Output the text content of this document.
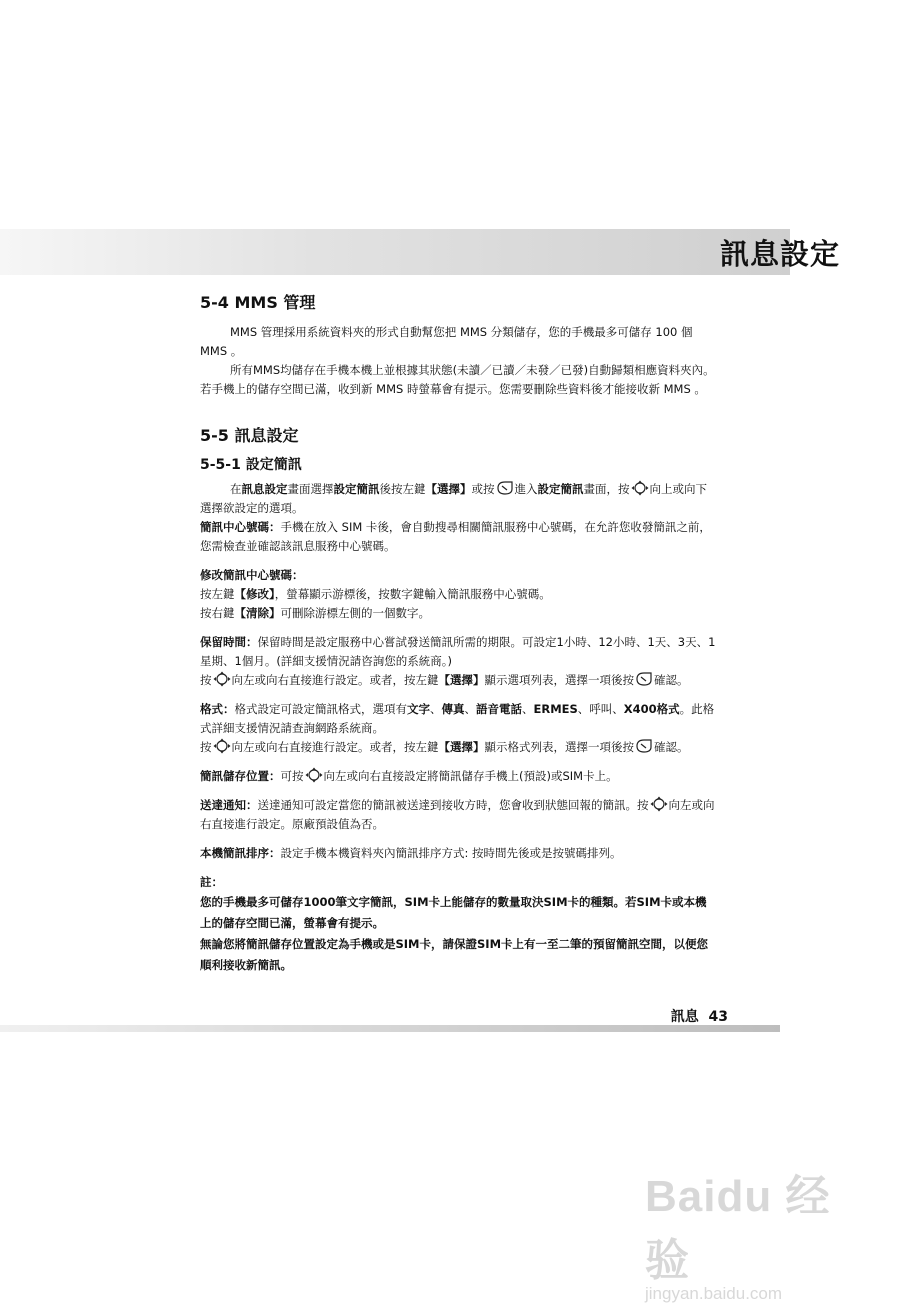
訊息設定
5-4 MMS 管理

MMS 管理採用系統資料夾的形式自動幫您把 MMS 分類儲存，您的手機最多可儲存 100 個 MMS 。

所有MMS均儲存在手機本機上並根據其狀態(未讀／已讀／未發／已發)自動歸類相應資料夾內。若手機上的儲存空間已滿，收到新 MMS 時螢幕會有提示。您需要刪除些資料後才能接收新 MMS 。

5-5 訊息設定
5-5-1 設定簡訊

在訊息設定畫面選擇設定簡訊後按左鍵【選擇】或按 進入設定簡訊畫面，按 向上或向下選擇欲設定的選項。

簡訊中心號碼：手機在放入 SIM 卡後，會自動搜尋相關簡訊服務中心號碼，在允許您收發簡訊之前，您需檢查並確認該訊息服務中心號碼。

修改簡訊中心號碼：

按左鍵【修改】，螢幕顯示游標後，按數字鍵輸入簡訊服務中心號碼。

按右鍵【清除】可刪除游標左側的一個數字。

保留時間：保留時間是設定服務中心嘗試發送簡訊所需的期限。可設定1小時、12小時、1天、3天、1星期、1個月。(詳細支援情況請咨詢您的系統商。)

按 向左或向右直接進行設定。或者，按左鍵【選擇】顯示選項列表，選擇一項後按 確認。

格式：格式設定可設定簡訊格式，選項有文字、傳真、語音電話、ERMES、呼叫、X400格式。此格式詳細支援情況請查詢網路系統商。

按 向左或向右直接進行設定。或者，按左鍵【選擇】顯示格式列表，選擇一項後按 確認。

簡訊儲存位置：可按 向左或向右直接設定將簡訊儲存手機上(預設)或SIM卡上。

送達通知：送達通知可設定當您的簡訊被送達到接收方時，您會收到狀態回報的簡訊。按 向左或向右直接進行設定。原廠預設值為否。

本機簡訊排序：設定手機本機資料夾內簡訊排序方式: 按時間先後或是按號碼排列。

註：
您的手機最多可儲存1000筆文字簡訊，SIM卡上能儲存的數量取決SIM卡的種類。若SIM卡或本機上的儲存空間已滿，螢幕會有提示。
無論您將簡訊儲存位置設定為手機或是SIM卡，請保證SIM卡上有一至二筆的預留簡訊空間，以便您順利接收新簡訊。
訊息 43
Baidu 经验
jingyan.baidu.com
